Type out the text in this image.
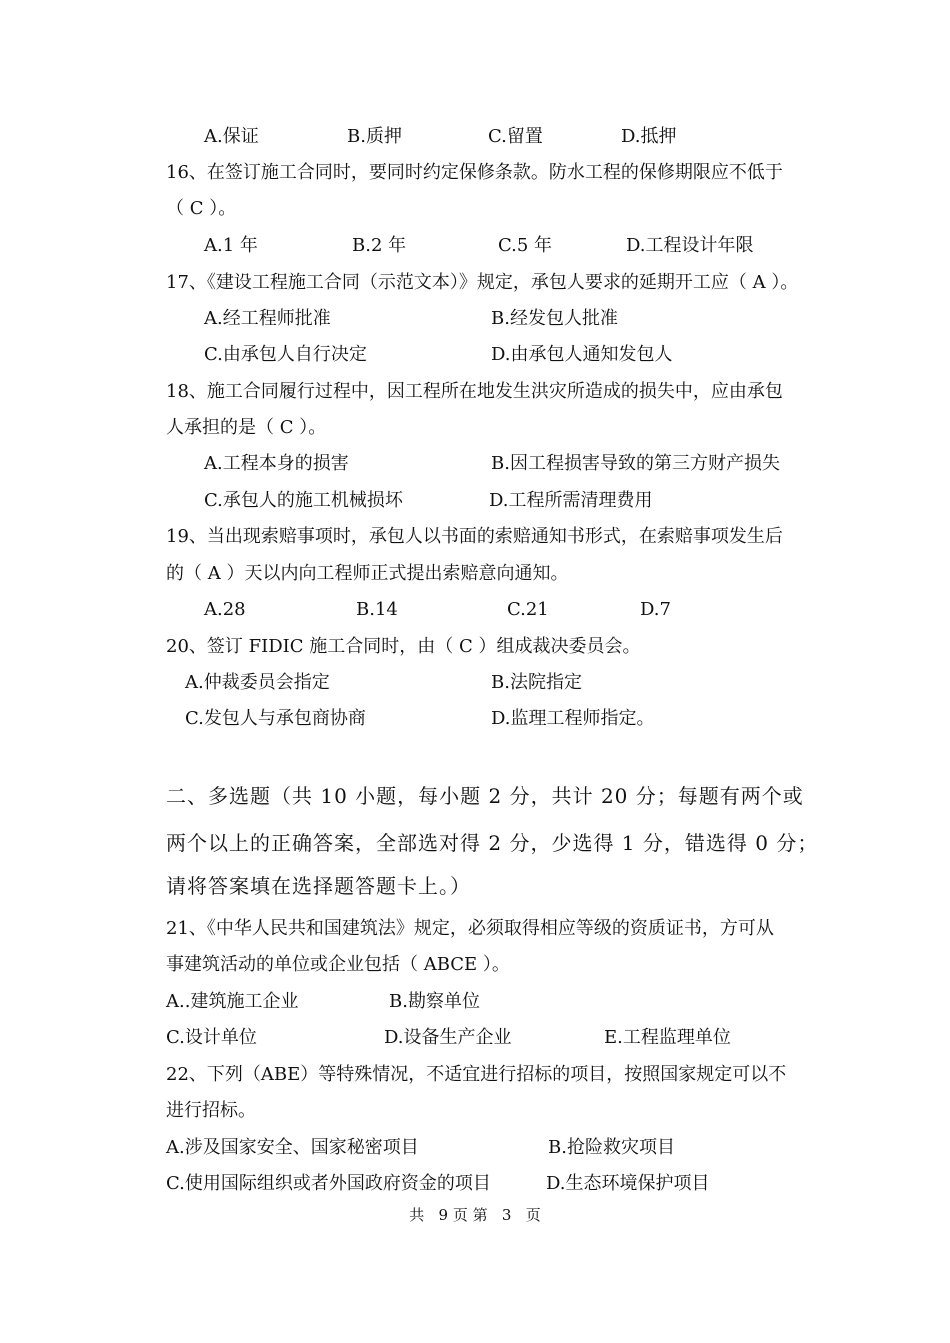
A.保证	B.质押	C.留置	D.抵押
16、在签订施工合同时，要同时约定保修条款。防水工程的保修期限应不低于
（ C ）。
A.1 年	B.2 年	C.5 年	D.工程设计年限
17、《建设工程施工合同（示范文本）》规定，承包人要求的延期开工应（ A ）。
A.经工程师批准	B.经发包人批准
C.由承包人自行决定	D.由承包人通知发包人
18、施工合同履行过程中，因工程所在地发生洪灾所造成的损失中，应由承包
人承担的是（ C ）。
A.工程本身的损害	B.因工程损害导致的第三方财产损失
C.承包人的施工机械损坏	D.工程所需清理费用
19、当出现索赔事项时，承包人以书面的索赔通知书形式，在索赔事项发生后
的（ A ）天以内向工程师正式提出索赔意向通知。
A.28	B.14	C.21	D.7
20、签订 FIDIC 施工合同时，由（ C ）组成裁决委员会。
A.仲裁委员会指定	B.法院指定
C.发包人与承包商协商	D.监理工程师指定。
二、多选题（共 10 小题，每小题 2 分，共计 20 分；每题有两个或
两个以上的正确答案，全部选对得 2 分，少选得 1 分，错选得 0 分；
请将答案填在选择题答题卡上。）
21、《中华人民共和国建筑法》规定，必须取得相应等级的资质证书，方可从
事建筑活动的单位或企业包括（ ABCE ）。
A..建筑施工企业	B.勘察单位
C.设计单位	D.设备生产企业	E.工程监理单位
22、下列（ABE）等特殊情况，不适宜进行招标的项目，按照国家规定可以不
进行招标。
A.涉及国家安全、国家秘密项目	B.抢险救灾项目
C.使用国际组织或者外国政府资金的项目	D.生态环境保护项目
共   9 页 第   3   页
